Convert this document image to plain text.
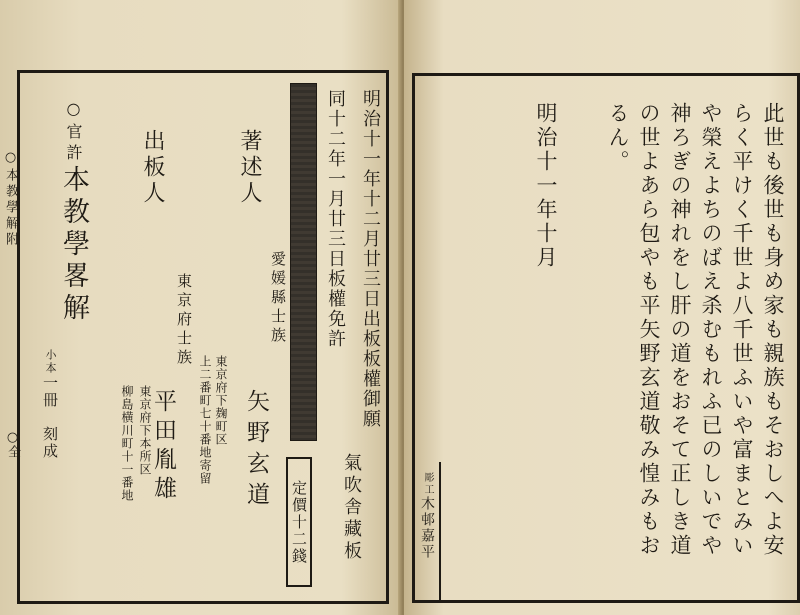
○本教學解附
○全
○官許本教學畧解
小本一冊　刻成
出板人
東京府士族
平田胤雄
東京府下本所区
柳島横川町十一番地
著述人
愛媛縣士族
矢野玄道
東京府下麹町区
上二番町七十番地寄留	明治十一年十二月廿三日出板板權御願
同十二年一月廿三日板權免許
定價十二錢 氣吹舎藏板	此世も後世も身め家も親族もそおしへよ安
らく平けく千世よ八千世ふいや富まとみい
や榮えよちのばえ杀むもれふ已のしいでや
神ろぎの神れをし肝の道をおそて正しき道
の世よあら包やも平矢野玄道敬み惶みもお
るん。
明治十一年十月
彫工木邨嘉平
